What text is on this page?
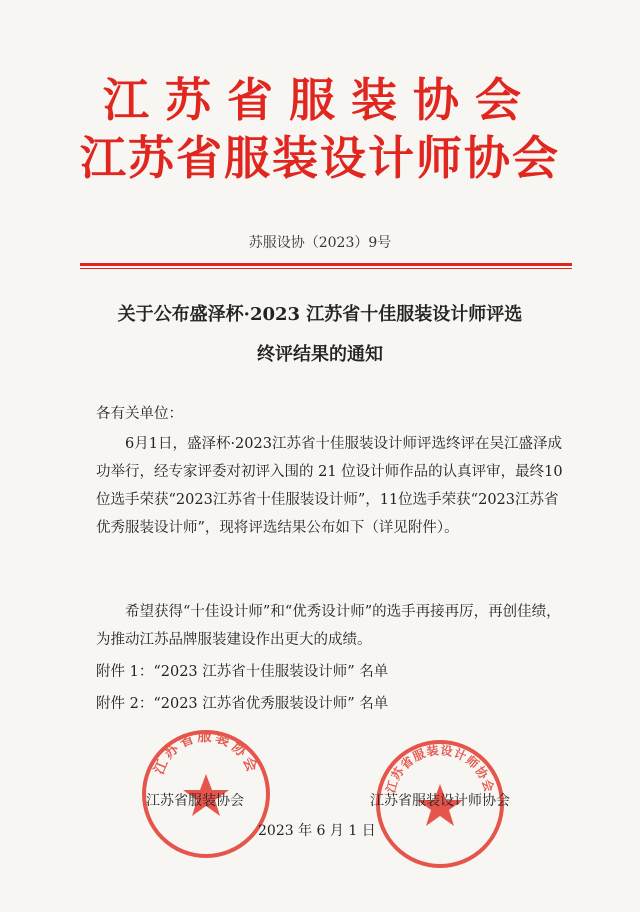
江苏省服装协会
江苏省服装设计师协会
苏服设协（2023）9号
关于公布盛泽杯·2023 江苏省十佳服装设计师评选
终评结果的通知
各有关单位：
6月1日，盛泽杯·2023江苏省十佳服装设计师评选终评在吴江盛泽成功举行，经专家评委对初评入围的 21 位设计师作品的认真评审，最终10位选手荣获“2023江苏省十佳服装设计师”，11位选手荣获“2023江苏省优秀服装设计师”，现将评选结果公布如下（详见附件）。
希望获得“十佳设计师”和“优秀设计师”的选手再接再厉，再创佳绩，为推动江苏品牌服装建设作出更大的成绩。
附件 1：“2023 江苏省十佳服装设计师” 名单
附件 2：“2023 江苏省优秀服装设计师” 名单
江苏省服装协会
江苏省服装设计师协会
江苏省服装协会	江苏省服装设计师协会
2023 年 6 月 1 日
